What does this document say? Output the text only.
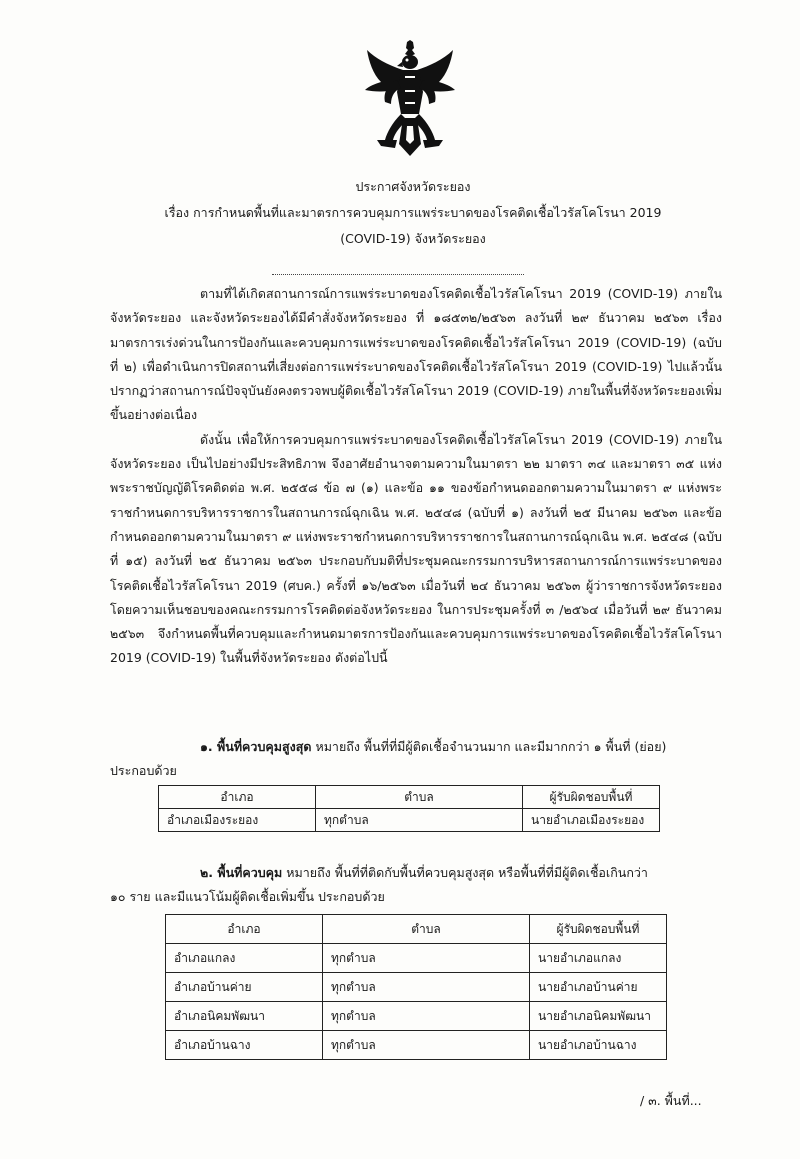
ประกาศจังหวัดระยอง
เรื่อง การกำหนดพื้นที่และมาตรการควบคุมการแพร่ระบาดของโรคติดเชื้อไวรัสโคโรนา 2019
(COVID-19) จังหวัดระยอง

ตามที่ได้เกิดสถานการณ์การแพร่ระบาดของโรคติดเชื้อไวรัสโคโรนา 2019 (COVID-19) ภายในจังหวัดระยอง และจังหวัดระยองได้มีคำสั่งจังหวัดระยอง ที่ ๑๘๕๓๒/๒๕๖๓ ลงวันที่ ๒๙ ธันวาคม ๒๕๖๓ เรื่อง มาตรการเร่งด่วนในการป้องกันและควบคุมการแพร่ระบาดของโรคติดเชื้อไวรัสโคโรนา 2019 (COVID-19) (ฉบับที่ ๒) เพื่อดำเนินการปิดสถานที่เสี่ยงต่อการแพร่ระบาดของโรคติดเชื้อไวรัสโคโรนา 2019 (COVID-19) ไปแล้วนั้น ปรากฏว่าสถานการณ์ปัจจุบันยังคงตรวจพบผู้ติดเชื้อไวรัสโคโรนา 2019 (COVID-19) ภายในพื้นที่จังหวัดระยองเพิ่มขึ้นอย่างต่อเนื่อง

ดังนั้น เพื่อให้การควบคุมการแพร่ระบาดของโรคติดเชื้อไวรัสโคโรนา 2019 (COVID-19) ภายในจังหวัดระยอง เป็นไปอย่างมีประสิทธิภาพ จึงอาศัยอำนาจตามความในมาตรา ๒๒ มาตรา ๓๔ และมาตรา ๓๕ แห่งพระราชบัญญัติโรคติดต่อ พ.ศ. ๒๕๕๘ ข้อ ๗ (๑) และข้อ ๑๑ ของข้อกำหนดออกตามความในมาตรา ๙ แห่งพระราชกำหนดการบริหารราชการในสถานการณ์ฉุกเฉิน พ.ศ. ๒๕๔๘ (ฉบับที่ ๑) ลงวันที่ ๒๕ มีนาคม ๒๕๖๓ และข้อกำหนดออกตามความในมาตรา ๙ แห่งพระราชกำหนดการบริหารราชการในสถานการณ์ฉุกเฉิน พ.ศ. ๒๕๔๘ (ฉบับที่ ๑๕) ลงวันที่ ๒๕ ธันวาคม ๒๕๖๓ ประกอบกับมติที่ประชุมคณะกรรมการบริหารสถานการณ์การแพร่ระบาดของโรคติดเชื้อไวรัสโคโรนา 2019 (ศบค.) ครั้งที่ ๑๖/๒๕๖๓ เมื่อวันที่ ๒๔ ธันวาคม ๒๕๖๓ ผู้ว่าราชการจังหวัดระยอง โดยความเห็นชอบของคณะกรรมการโรคติดต่อจังหวัดระยอง ในการประชุมครั้งที่ ๓ /๒๕๖๔ เมื่อวันที่ ๒๙ ธันวาคม ๒๕๖๓ จึงกำหนดพื้นที่ควบคุมและกำหนดมาตรการป้องกันและควบคุมการแพร่ระบาดของโรคติดเชื้อไวรัสโคโรนา 2019 (COVID-19) ในพื้นที่จังหวัดระยอง ดังต่อไปนี้

๑. พื้นที่ควบคุมสูงสุด หมายถึง พื้นที่ที่มีผู้ติดเชื้อจำนวนมาก และมีมากกว่า ๑ พื้นที่ (ย่อย)
ประกอบด้วย
อำเภอ	ตำบล	ผู้รับผิดชอบพื้นที่
อำเภอเมืองระยอง	ทุกตำบล	นายอำเภอเมืองระยอง
๒. พื้นที่ควบคุม หมายถึง พื้นที่ที่ติดกับพื้นที่ควบคุมสูงสุด หรือพื้นที่ที่มีผู้ติดเชื้อเกินกว่า
๑๐ ราย และมีแนวโน้มผู้ติดเชื้อเพิ่มขึ้น ประกอบด้วย
อำเภอ	ตำบล	ผู้รับผิดชอบพื้นที่
อำเภอแกลง	ทุกตำบล	นายอำเภอแกลง
อำเภอบ้านค่าย	ทุกตำบล	นายอำเภอบ้านค่าย
อำเภอนิคมพัฒนา	ทุกตำบล	นายอำเภอนิคมพัฒนา
อำเภอบ้านฉาง	ทุกตำบล	นายอำเภอบ้านฉาง
/ ๓. พื้นที่...
